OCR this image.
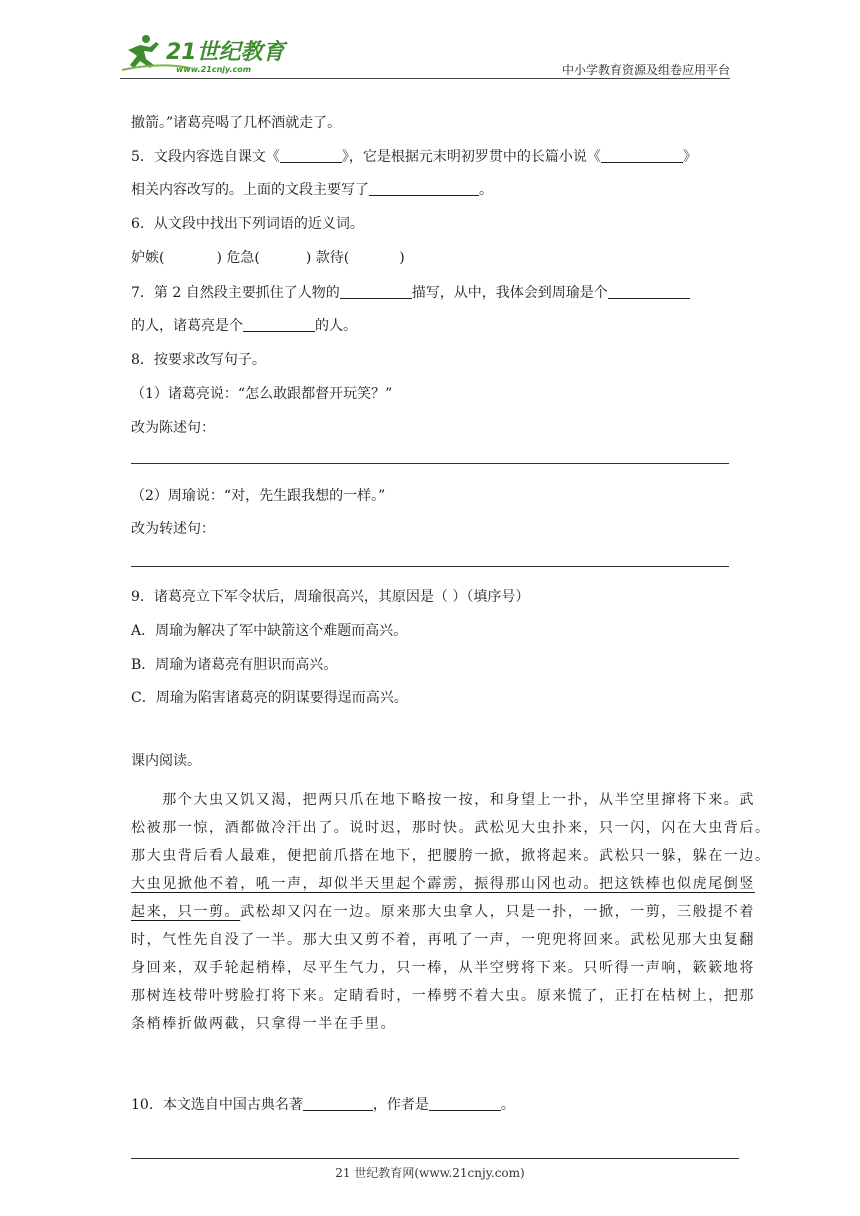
21世纪教育
www.21cnjy.com	中小学教育资源及组卷应用平台
撤箭。”诸葛亮喝了几杯酒就走了。
5．文段内容选自课文《	》，它是根据元末明初罗贯中的长篇小说《	》
相关内容改写的。上面的文段主要写了	。
6．从文段中找出下列词语的近义词。
妒嫉(	) 危急(	) 款待(	)
7．第 2 自然段主要抓住了人物的	描写，从中，我体会到周瑜是个
的人，诸葛亮是个	的人。
8．按要求改写句子。
（1）诸葛亮说：“怎么敢跟都督开玩笑？”
改为陈述句：
（2）周瑜说：“对，先生跟我想的一样。”
改为转述句：
9．诸葛亮立下军令状后，周瑜很高兴，其原因是（ ）（填序号）
A．周瑜为解决了军中缺箭这个难题而高兴。
B．周瑜为诸葛亮有胆识而高兴。
C．周瑜为陷害诸葛亮的阴谋要得逞而高兴。
课内阅读。

　　那个大虫又饥又渴，把两只爪在地下略按一按，和身望上一扑，从半空里撺将下来。武

松被那一惊，酒都做冷汗出了。说时迟，那时快。武松见大虫扑来，只一闪，闪在大虫背后。

那大虫背后看人最难，便把前爪搭在地下，把腰胯一掀，掀将起来。武松只一躲，躲在一边。

大虫见掀他不着，吼一声，却似半天里起个霹雳，振得那山冈也动。把这铁棒也似虎尾倒竖

起来，只一剪。武松却又闪在一边。原来那大虫拿人，只是一扑，一掀，一剪，三般提不着

时，气性先自没了一半。那大虫又剪不着，再吼了一声，一兜兜将回来。武松见那大虫复翻

身回来，双手轮起梢棒，尽平生气力，只一棒，从半空劈将下来。只听得一声响，簌簌地将

那树连枝带叶劈脸打将下来。定睛看时，一棒劈不着大虫。原来慌了，正打在枯树上，把那

条梢棒折做两截，只拿得一半在手里。

10．本文选自中国古典名著	，作者是	。
21 世纪教育网(www.21cnjy.com)
